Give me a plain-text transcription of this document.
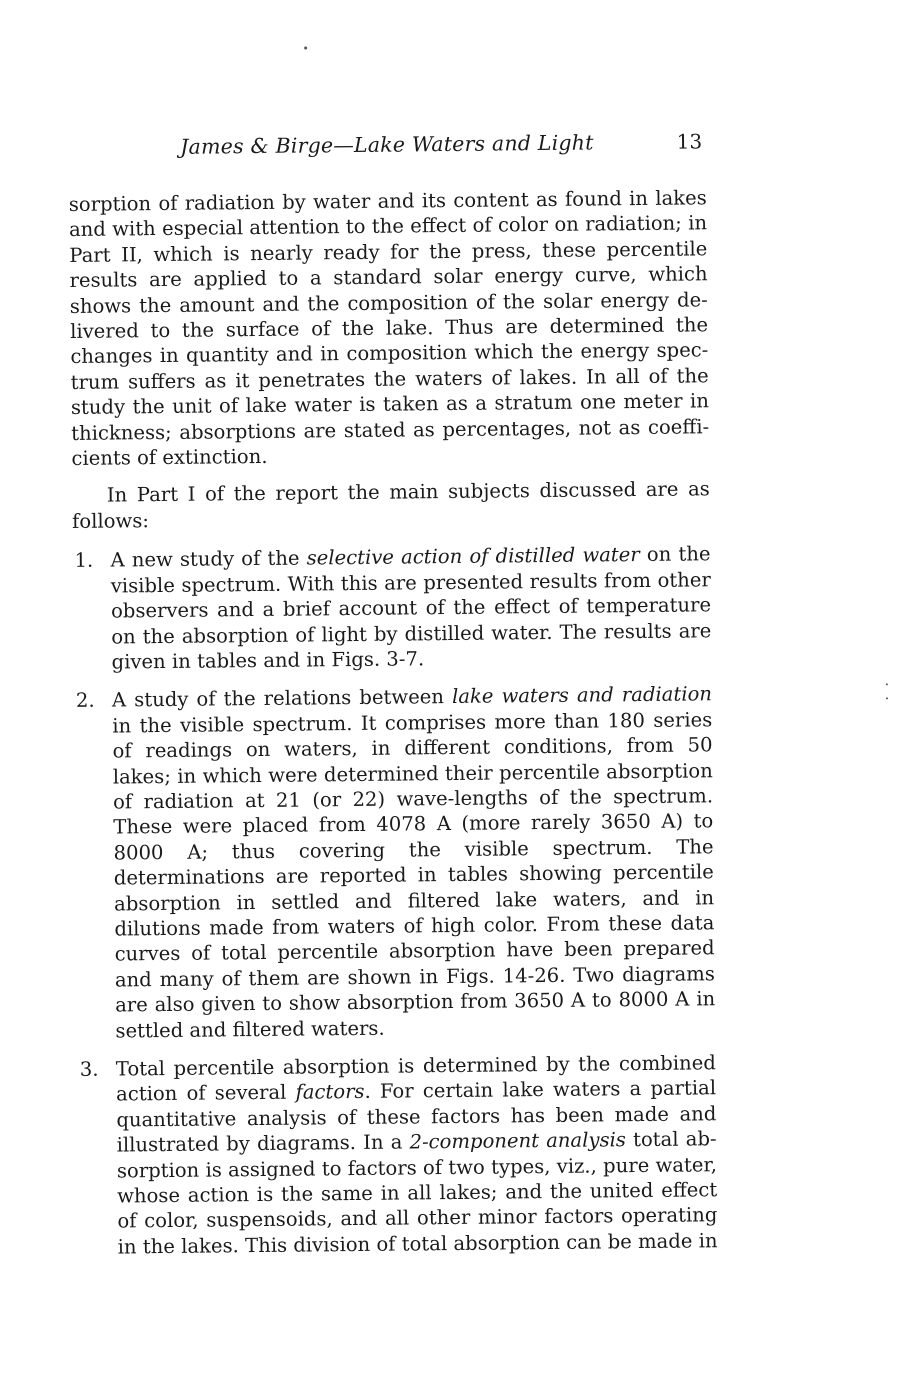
James & Birge—Lake Waters and Light	13

sorption of radiation by water and its content as found in lakes and with especial attention to the effect of color on radiation; in Part II, which is nearly ready for the press, these percentile results are applied to a standard solar energy curve, which shows the amount and the composition of the solar energy delivered to the surface of the lake. Thus are determined the changes in quantity and in composition which the energy spectrum suffers as it penetrates the waters of lakes. In all of the study the unit of lake water is taken as a stratum one meter in thickness; absorptions are stated as percentages, not as coefficients of extinction.

In Part I of the report the main subjects discussed are as follows:

1. A new study of the selective action of distilled water on the visible spectrum. With this are presented results from other observers and a brief account of the effect of temperature on the absorption of light by distilled water. The results are given in tables and in Figs. 3-7.
2. A study of the relations between lake waters and radiation in the visible spectrum. It comprises more than 180 series of readings on waters, in different conditions, from 50 lakes; in which were determined their percentile absorption of radiation at 21 (or 22) wave-lengths of the spectrum. These were placed from 4078 A (more rarely 3650 A) to 8000 A; thus covering the visible spectrum. The determinations are reported in tables showing percentile absorption in settled and filtered lake waters, and in dilutions made from waters of high color. From these data curves of total percentile absorption have been prepared and many of them are shown in Figs. 14-26. Two diagrams are also given to show absorption from 3650 A to 8000 A in settled and filtered waters.
3. Total percentile absorption is determined by the combined action of several factors. For certain lake waters a partial quantitative analysis of these factors has been made and illustrated by diagrams. In a 2-component analysis total absorption is assigned to factors of two types, viz., pure water, whose action is the same in all lakes; and the united effect of color, suspensoids, and all other minor factors operating in the lakes. This division of total absorption can be made in
